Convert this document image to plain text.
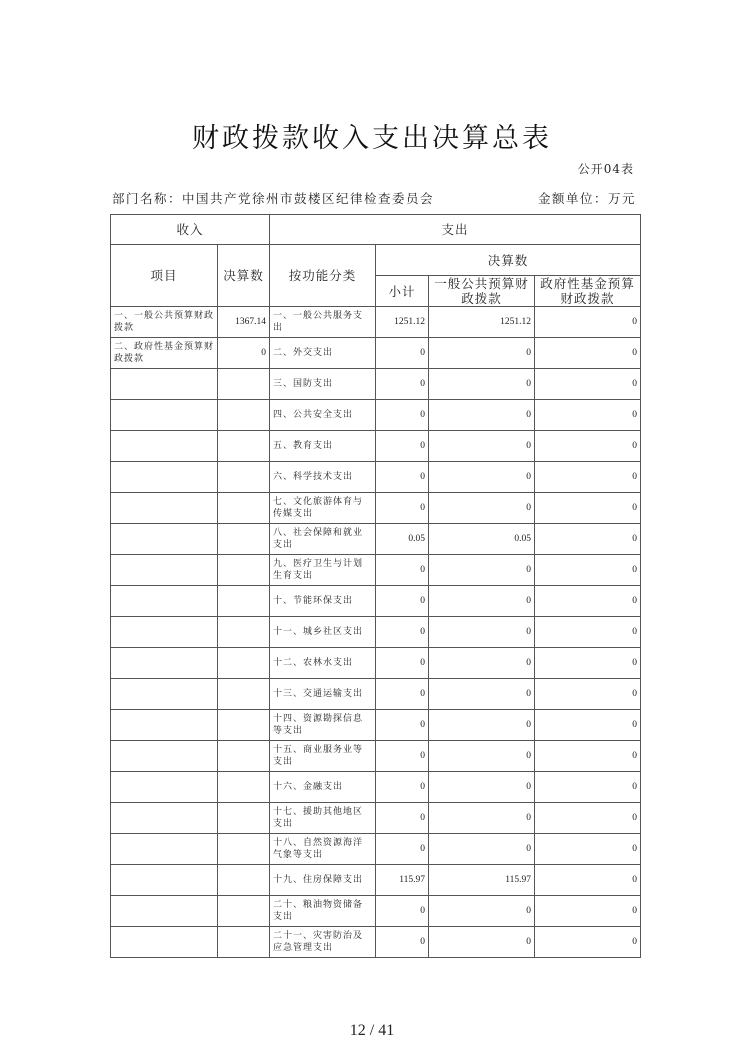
财政拨款收入支出决算总表
公开04表
部门名称：中国共产党徐州市鼓楼区纪律检查委员会	金额单位：万元
收入		支出			
项目	决算数	按功能分类	决算数		
			小计	一般公共预算财政拨款	政府性基金预算财政拨款
一、一般公共预算财政拨款	1367.14	一、一般公共服务支出	1251.12	1251.12	0
二、政府性基金预算财政拨款	0	二、外交支出	0	0	0
		三、国防支出	0	0	0
		四、公共安全支出	0	0	0
		五、教育支出	0	0	0
		六、科学技术支出	0	0	0
		七、文化旅游体育与传媒支出	0	0	0
		八、社会保障和就业支出	0.05	0.05	0
		九、医疗卫生与计划生育支出	0	0	0
		十、节能环保支出	0	0	0
		十一、城乡社区支出	0	0	0
		十二、农林水支出	0	0	0
		十三、交通运输支出	0	0	0
		十四、资源勘探信息等支出	0	0	0
		十五、商业服务业等支出	0	0	0
		十六、金融支出	0	0	0
		十七、援助其他地区支出	0	0	0
		十八、自然资源海洋气象等支出	0	0	0
		十九、住房保障支出	115.97	115.97	0
		二十、粮油物资储备支出	0	0	0
		二十一、灾害防治及应急管理支出	0	0	0
12 / 41
